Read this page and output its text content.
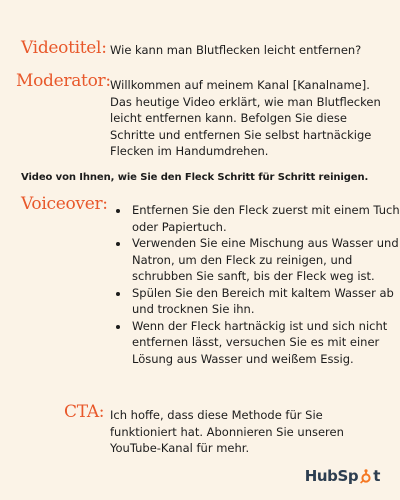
Videotitel: Wie kann man Blutflecken leicht entfernen?
Moderator: Willkommen auf meinem Kanal [Kanalname]. Das heutige Video erklärt, wie man Blutflecken leicht entfernen kann. Befolgen Sie diese Schritte und entfernen Sie selbst hartnäckige Flecken im Handumdrehen.
Video von Ihnen, wie Sie den Fleck Schritt für Schritt reinigen.
Voiceover:
• Entfernen Sie den Fleck zuerst mit einem Tuch oder Papiertuch.
• Verwenden Sie eine Mischung aus Wasser und Natron, um den Fleck zu reinigen, und schrubben Sie sanft, bis der Fleck weg ist.
• Spülen Sie den Bereich mit kaltem Wasser ab und trocknen Sie ihn.
• Wenn der Fleck hartnäckig ist und sich nicht entfernen lässt, versuchen Sie es mit einer Lösung aus Wasser und weißem Essig.
CTA: Ich hoffe, dass diese Methode für Sie funktioniert hat. Abonnieren Sie unseren YouTube-Kanal für mehr.
HubSp t
